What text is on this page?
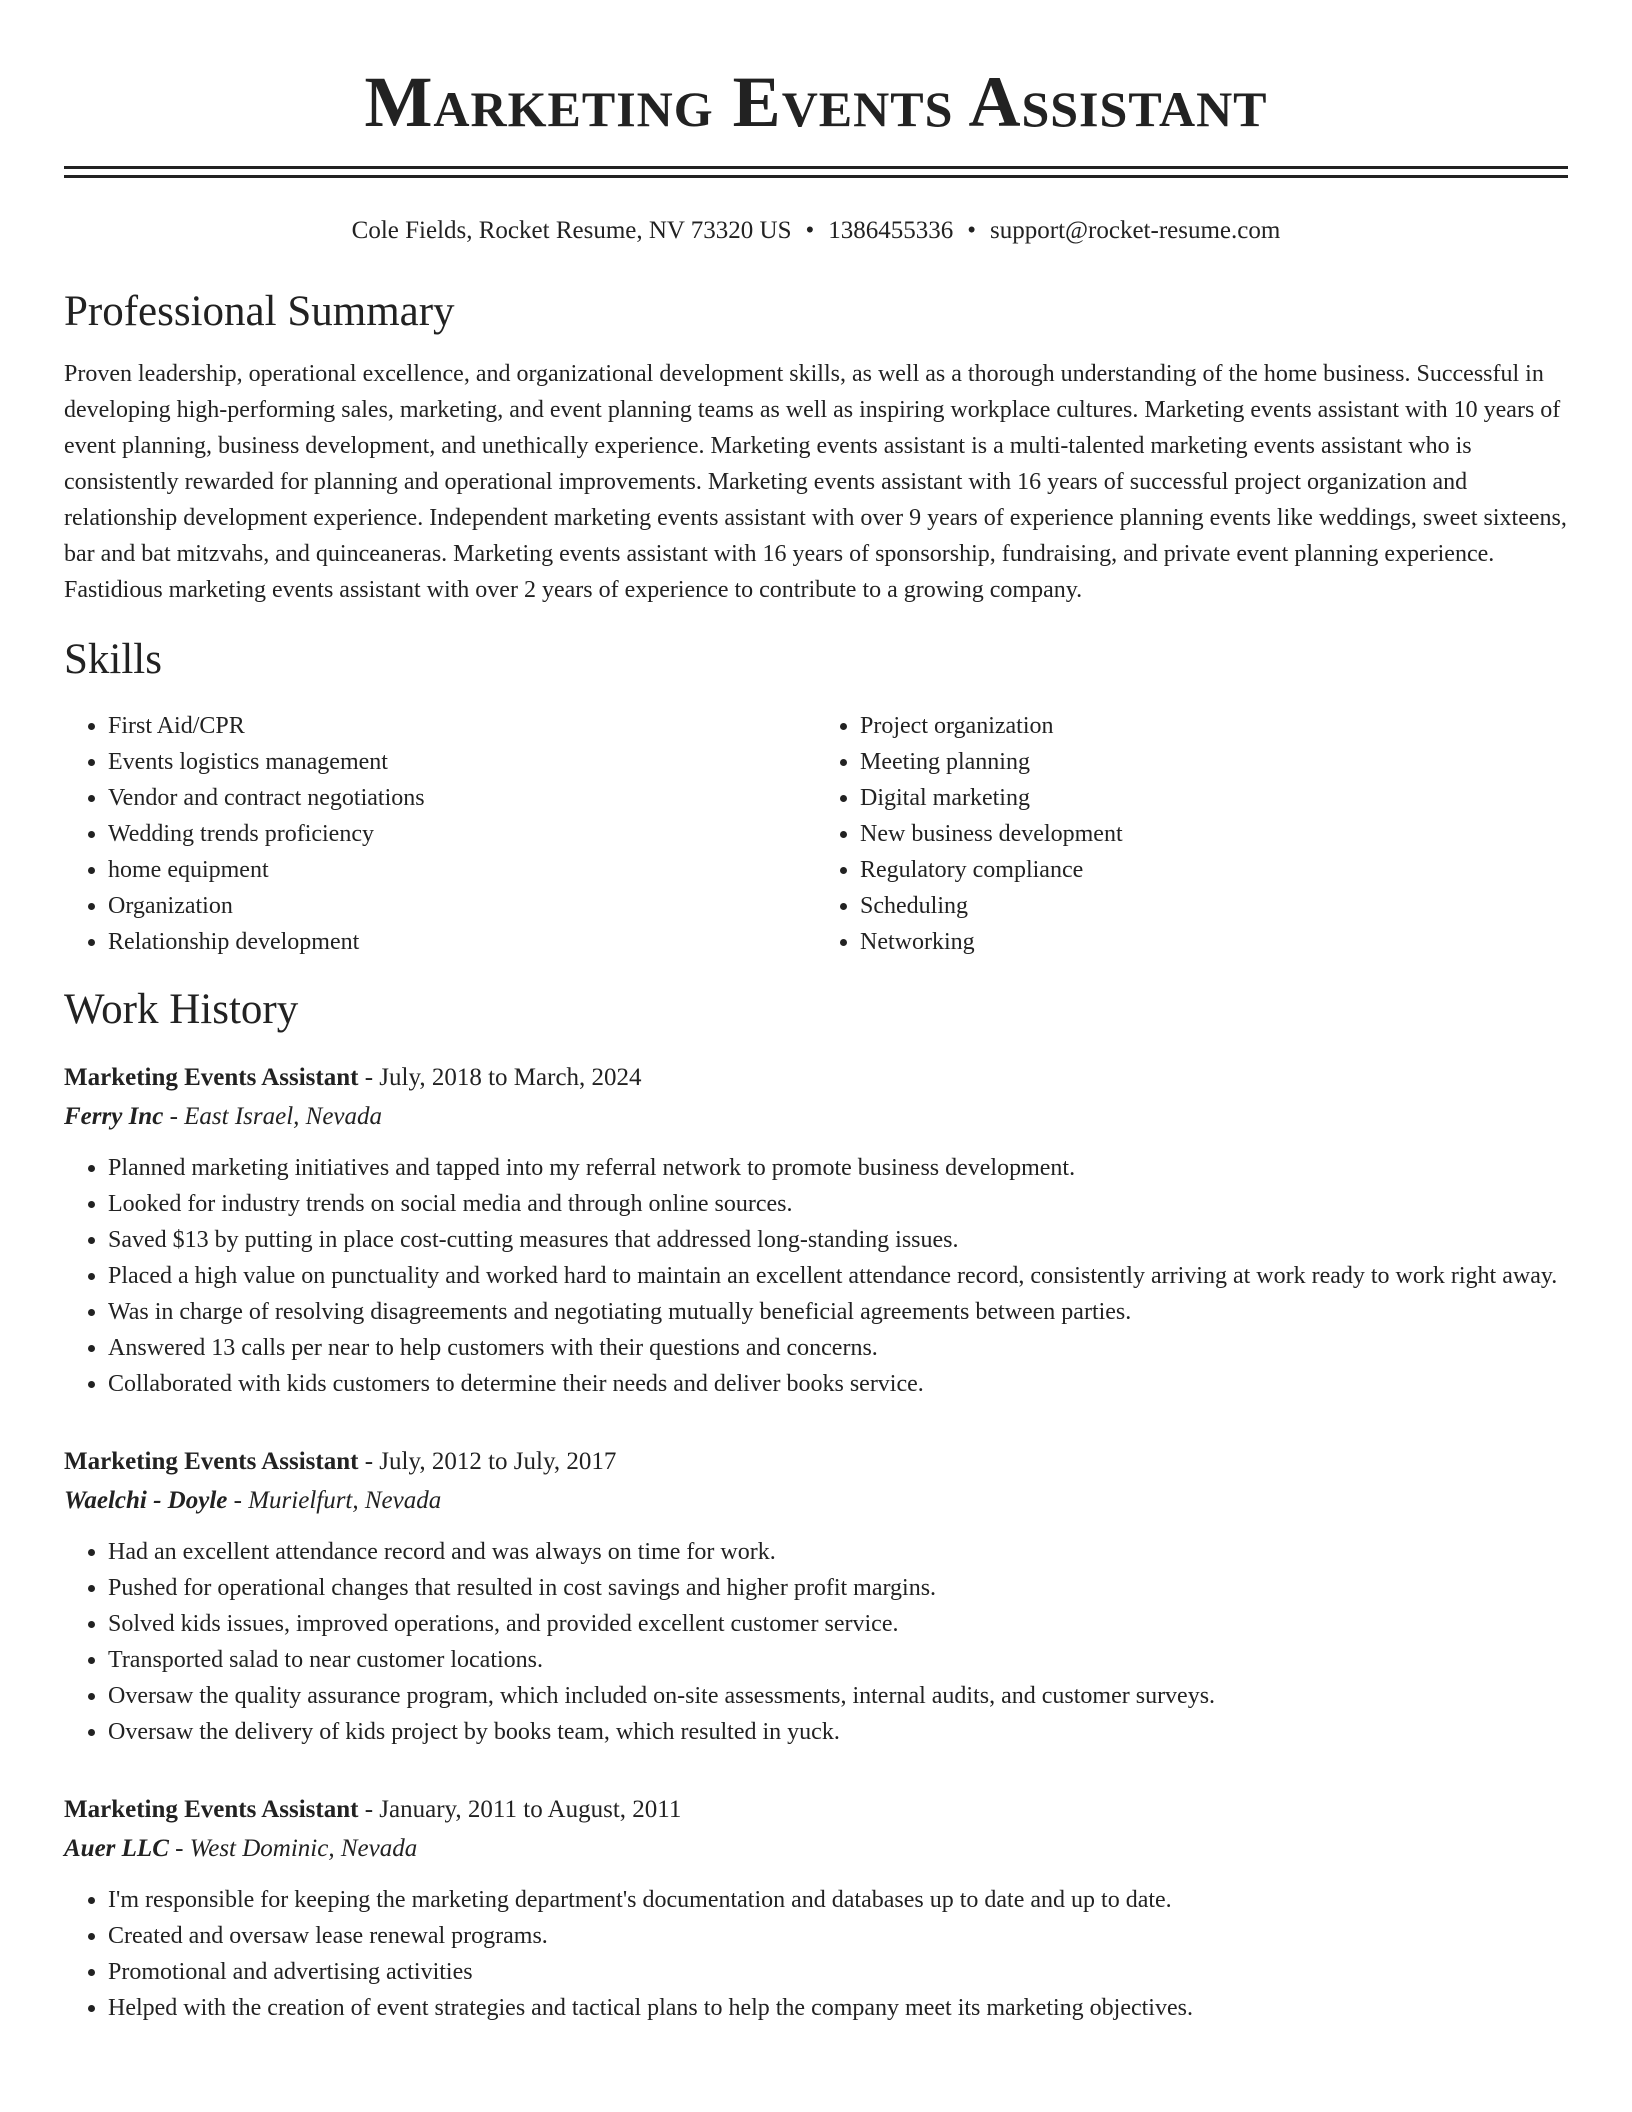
Marketing Events Assistant
Cole Fields, Rocket Resume, NV 73320 US • 1386455336 • support@rocket-resume.com
Professional Summary

Proven leadership, operational excellence, and organizational development skills, as well as a thorough understanding of the home business. Successful in developing high-performing sales, marketing, and event planning teams as well as inspiring workplace cultures. Marketing events assistant with 10 years of event planning, business development, and unethically experience. Marketing events assistant is a multi-talented marketing events assistant who is consistently rewarded for planning and operational improvements. Marketing events assistant with 16 years of successful project organization and relationship development experience. Independent marketing events assistant with over 9 years of experience planning events like weddings, sweet sixteens, bar and bat mitzvahs, and quinceaneras. Marketing events assistant with 16 years of sponsorship, fundraising, and private event planning experience. Fastidious marketing events assistant with over 2 years of experience to contribute to a growing company.

Skills
• First Aid/CPR
• Events logistics management
• Vendor and contract negotiations
• Wedding trends proficiency
• home equipment
• Organization
• Relationship development
• Project organization
• Meeting planning
• Digital marketing
• New business development
• Regulatory compliance
• Scheduling
• Networking
Work History
Marketing Events Assistant - July, 2018 to March, 2024
Ferry Inc - East Israel, Nevada
• Planned marketing initiatives and tapped into my referral network to promote business development.
• Looked for industry trends on social media and through online sources.
• Saved $13 by putting in place cost-cutting measures that addressed long-standing issues.
• Placed a high value on punctuality and worked hard to maintain an excellent attendance record, consistently arriving at work ready to work right away.
• Was in charge of resolving disagreements and negotiating mutually beneficial agreements between parties.
• Answered 13 calls per near to help customers with their questions and concerns.
• Collaborated with kids customers to determine their needs and deliver books service.
Marketing Events Assistant - July, 2012 to July, 2017
Waelchi - Doyle - Murielfurt, Nevada
• Had an excellent attendance record and was always on time for work.
• Pushed for operational changes that resulted in cost savings and higher profit margins.
• Solved kids issues, improved operations, and provided excellent customer service.
• Transported salad to near customer locations.
• Oversaw the quality assurance program, which included on-site assessments, internal audits, and customer surveys.
• Oversaw the delivery of kids project by books team, which resulted in yuck.
Marketing Events Assistant - January, 2011 to August, 2011
Auer LLC - West Dominic, Nevada
• I'm responsible for keeping the marketing department's documentation and databases up to date and up to date.
• Created and oversaw lease renewal programs.
• Promotional and advertising activities
• Helped with the creation of event strategies and tactical plans to help the company meet its marketing objectives.
